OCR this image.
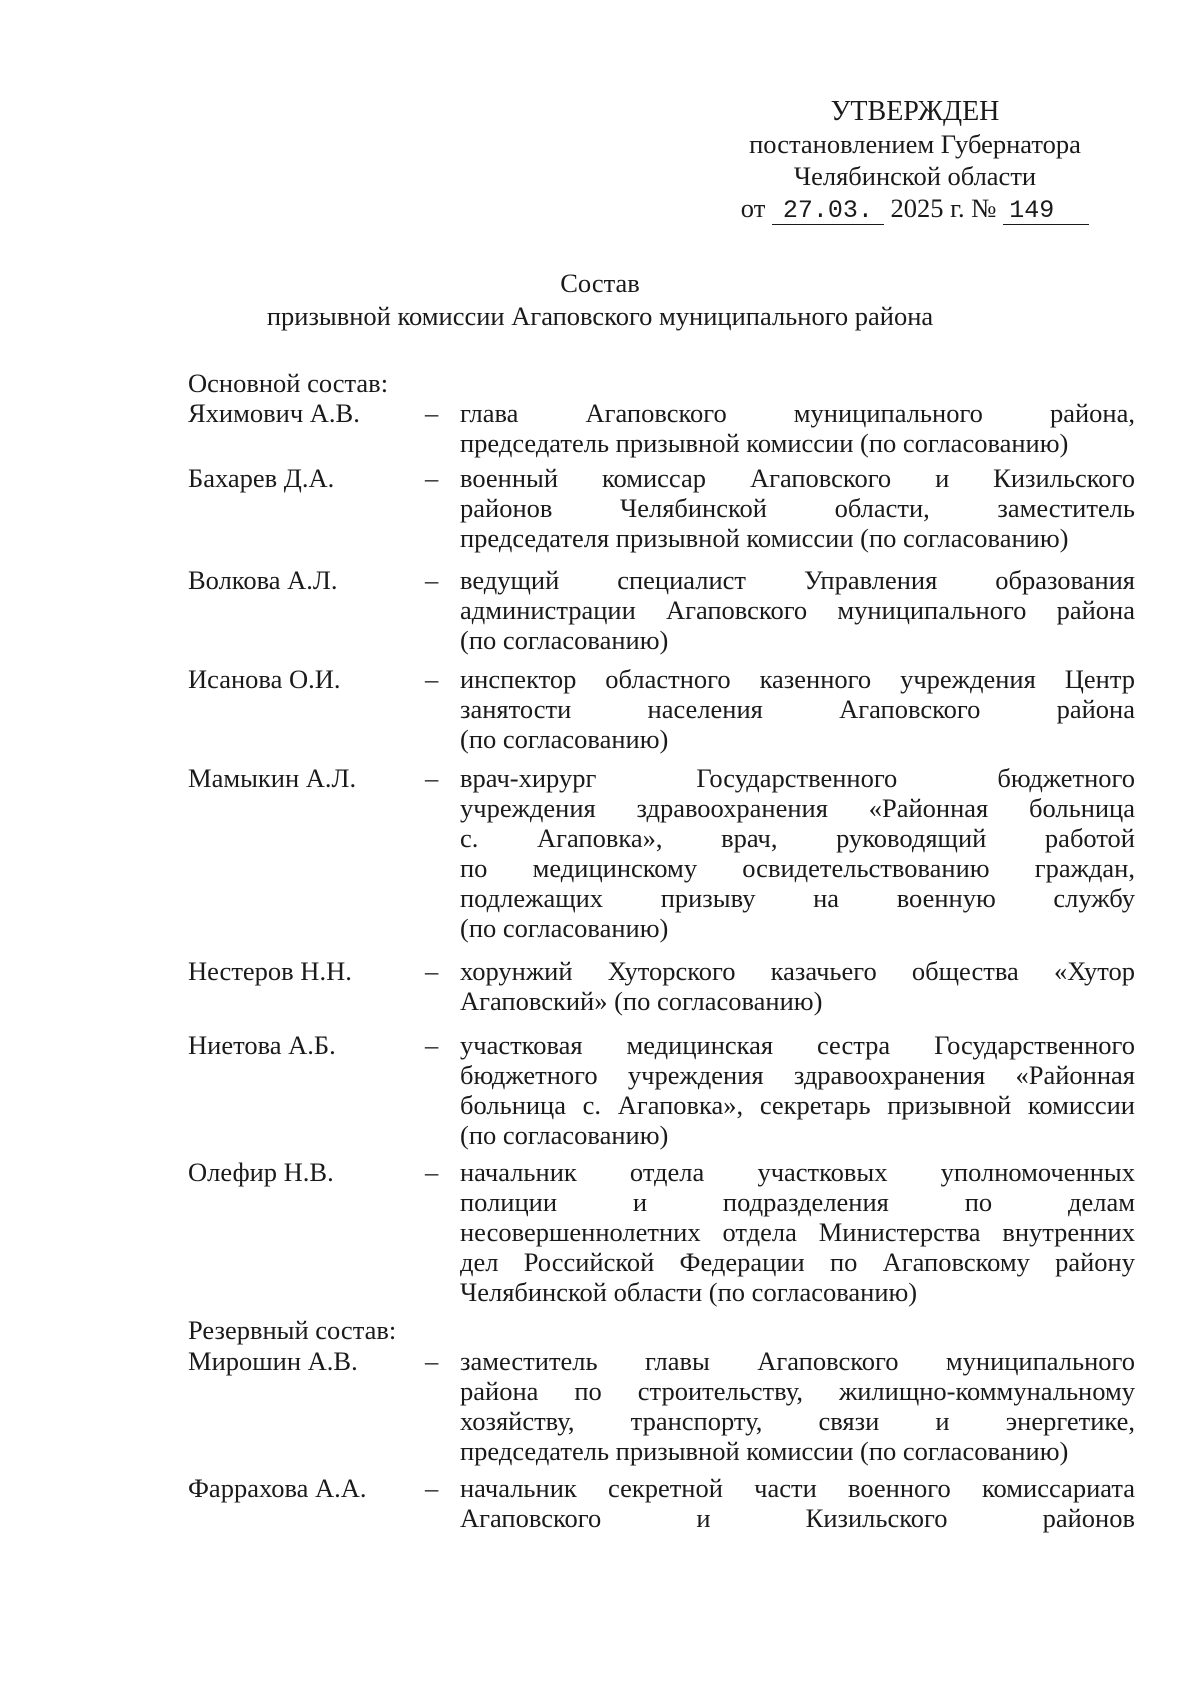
УТВЕРЖДЕН
постановлением Губернатора
Челябинской области
от 27.03. 2025 г. № 149
Состав
призывной комиссии Агаповского муниципального района
Основной состав:
Яхимович А.В. – глава Агаповского муниципального района,
председатель призывной комиссии (по согласованию)
Бахарев Д.А.	– военный комиссар Агаповского и Кизильского
районов Челябинской области, заместитель
председателя призывной комиссии (по согласованию)
Волкова А.Л.	– ведущий специалист Управления образования
администрации Агаповского муниципального района
(по согласованию)
Исанова О.И.	– инспектор областного казенного учреждения Центр
занятости населения Агаповского района
(по согласованию)
Мамыкин А.Л.	– врач-хирург Государственного бюджетного
учреждения здравоохранения «Районная больница
с. Агаповка», врач, руководящий работой
по медицинскому освидетельствованию граждан,
подлежащих призыву на военную службу
(по согласованию)
Нестеров Н.Н.	– хорунжий Хуторского казачьего общества «Хутор
Агаповский» (по согласованию)
Ниетова А.Б.	– участковая медицинская сестра Государственного
бюджетного учреждения здравоохранения «Районная
больница с. Агаповка», секретарь призывной комиссии
(по согласованию)
Олефир Н.В.	– начальник отдела участковых уполномоченных
полиции и подразделения по делам
несовершеннолетних отдела Министерства внутренних
дел Российской Федерации по Агаповскому району
Челябинской области (по согласованию)
Резервный состав:
Мирошин А.В.	– заместитель главы Агаповского муниципального
района по строительству, жилищно-коммунальному
хозяйству, транспорту, связи и энергетике,
председатель призывной комиссии (по согласованию)
Фаррахова А.А. – начальник секретной части военного комиссариата
Агаповского	и	Кизильского	районов
